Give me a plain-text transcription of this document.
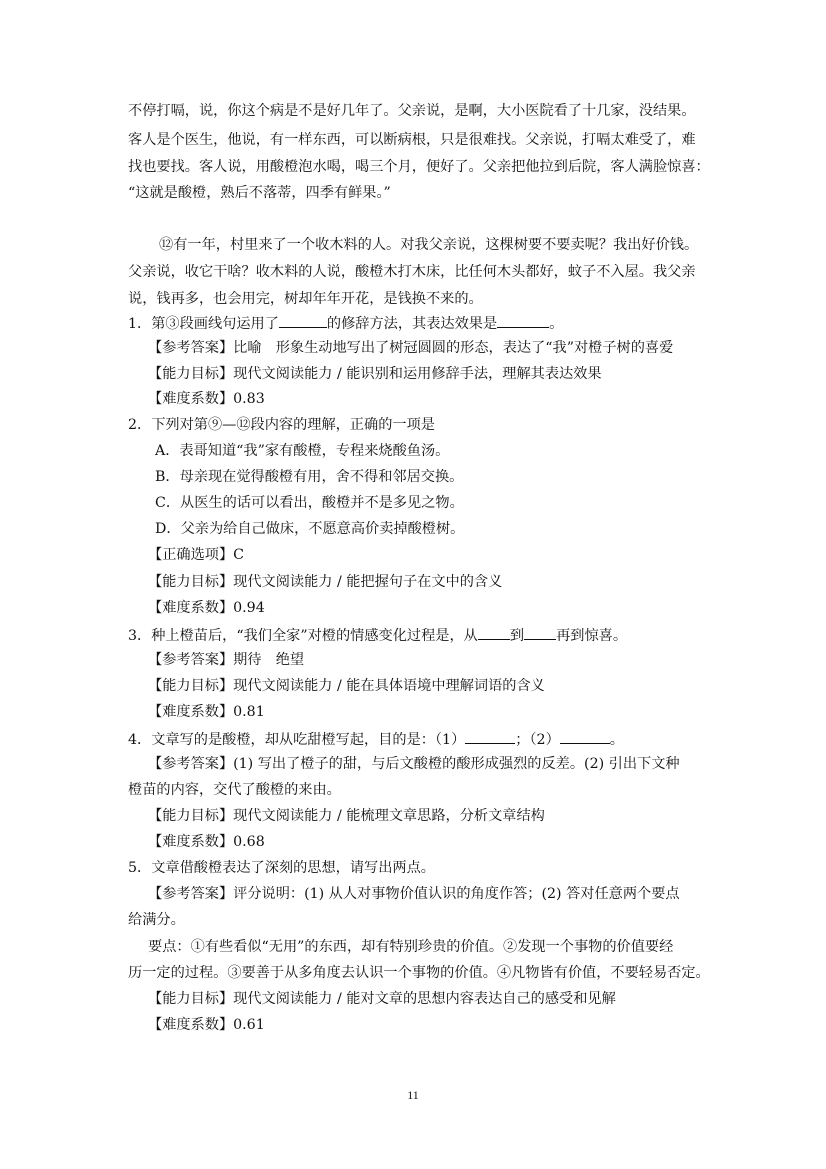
不停打嗝，说，你这个病是不是好几年了。父亲说，是啊，大小医院看了十几家，没结果。
客人是个医生，他说，有一样东西，可以断病根，只是很难找。父亲说，打嗝太难受了，难
找也要找。客人说，用酸橙泡水喝，喝三个月，便好了。父亲把他拉到后院，客人满脸惊喜：
“这就是酸橙，熟后不落蒂，四季有鲜果。”
⑫有一年，村里来了一个收木料的人。对我父亲说，这棵树要不要卖呢？我出好价钱。
父亲说，收它干啥？收木料的人说，酸橙木打木床，比任何木头都好，蚊子不入屋。我父亲
说，钱再多，也会用完，树却年年开花，是钱换不来的。
1．第③段画线句运用了	的修辞方法，其表达效果是	。
【参考答案】比喻　形象生动地写出了树冠圆圆的形态，表达了“我”对橙子树的喜爱
【能力目标】现代文阅读能力 / 能识别和运用修辞手法，理解其表达效果
【难度系数】0.83
2．下列对第⑨—⑫段内容的理解，正确的一项是
A．表哥知道“我”家有酸橙，专程来烧酸鱼汤。
B．母亲现在觉得酸橙有用，舍不得和邻居交换。
C．从医生的话可以看出，酸橙并不是多见之物。
D．父亲为给自己做床，不愿意高价卖掉酸橙树。
【正确选项】C
【能力目标】现代文阅读能力 / 能把握句子在文中的含义
【难度系数】0.94
3．种上橙苗后，“我们全家”对橙的情感变化过程是，从 到 再到惊喜。
【参考答案】期待　绝望
【能力目标】现代文阅读能力 / 能在具体语境中理解词语的含义
【难度系数】0.81
4．文章写的是酸橙，却从吃甜橙写起，目的是：（1）	；（2）	。
【参考答案】(1) 写出了橙子的甜，与后文酸橙的酸形成强烈的反差。(2) 引出下文种
橙苗的内容，交代了酸橙的来由。
【能力目标】现代文阅读能力 / 能梳理文章思路，分析文章结构
【难度系数】0.68
5．文章借酸橙表达了深刻的思想，请写出两点。
【参考答案】评分说明：(1) 从人对事物价值认识的角度作答；(2) 答对任意两个要点
给满分。
要点：①有些看似“无用”的东西，却有特别珍贵的价值。②发现一个事物的价值要经
历一定的过程。③要善于从多角度去认识一个事物的价值。④凡物皆有价值，不要轻易否定。
【能力目标】现代文阅读能力 / 能对文章的思想内容表达自己的感受和见解
【难度系数】0.61
11
